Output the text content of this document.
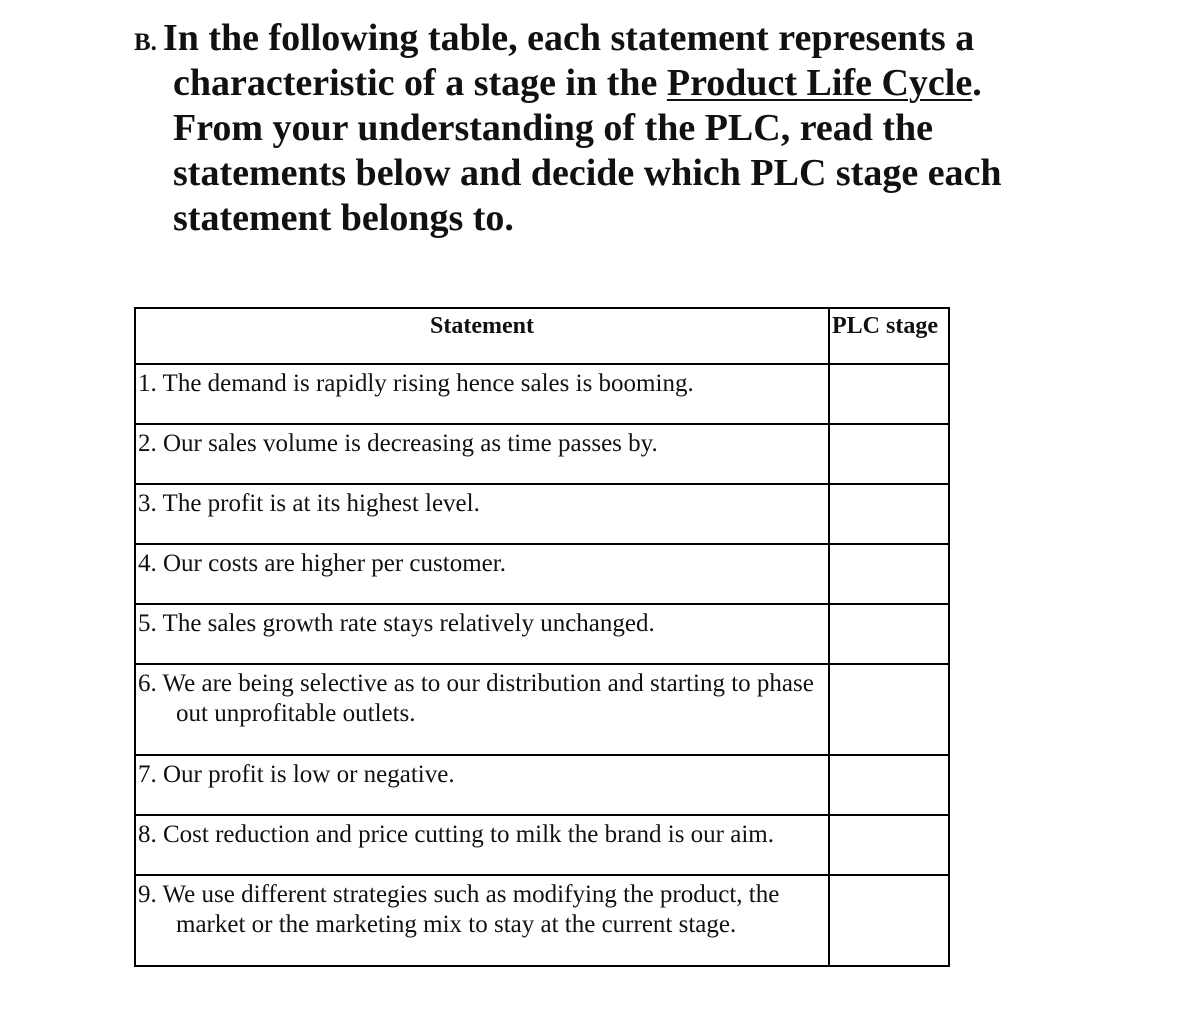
B. In the following table, each statement represents a
characteristic of a stage in the Product Life Cycle.
From your understanding of the PLC, read the
statements below and decide which PLC stage each
statement belongs to.
Statement	PLC stage

1. The demand is rapidly rising hence sales is booming.	

2. Our sales volume is decreasing as time passes by.	

3. The profit is at its highest level.	

4. Our costs are higher per customer.	

5. The sales growth rate stays relatively unchanged.	

6. We are being selective as to our distribution and starting to phase out unprofitable outlets.	

7. Our profit is low or negative.	

8. Cost reduction and price cutting to milk the brand is our aim.	

9. We use different strategies such as modifying the product, the market or the marketing mix to stay at the current stage.	
